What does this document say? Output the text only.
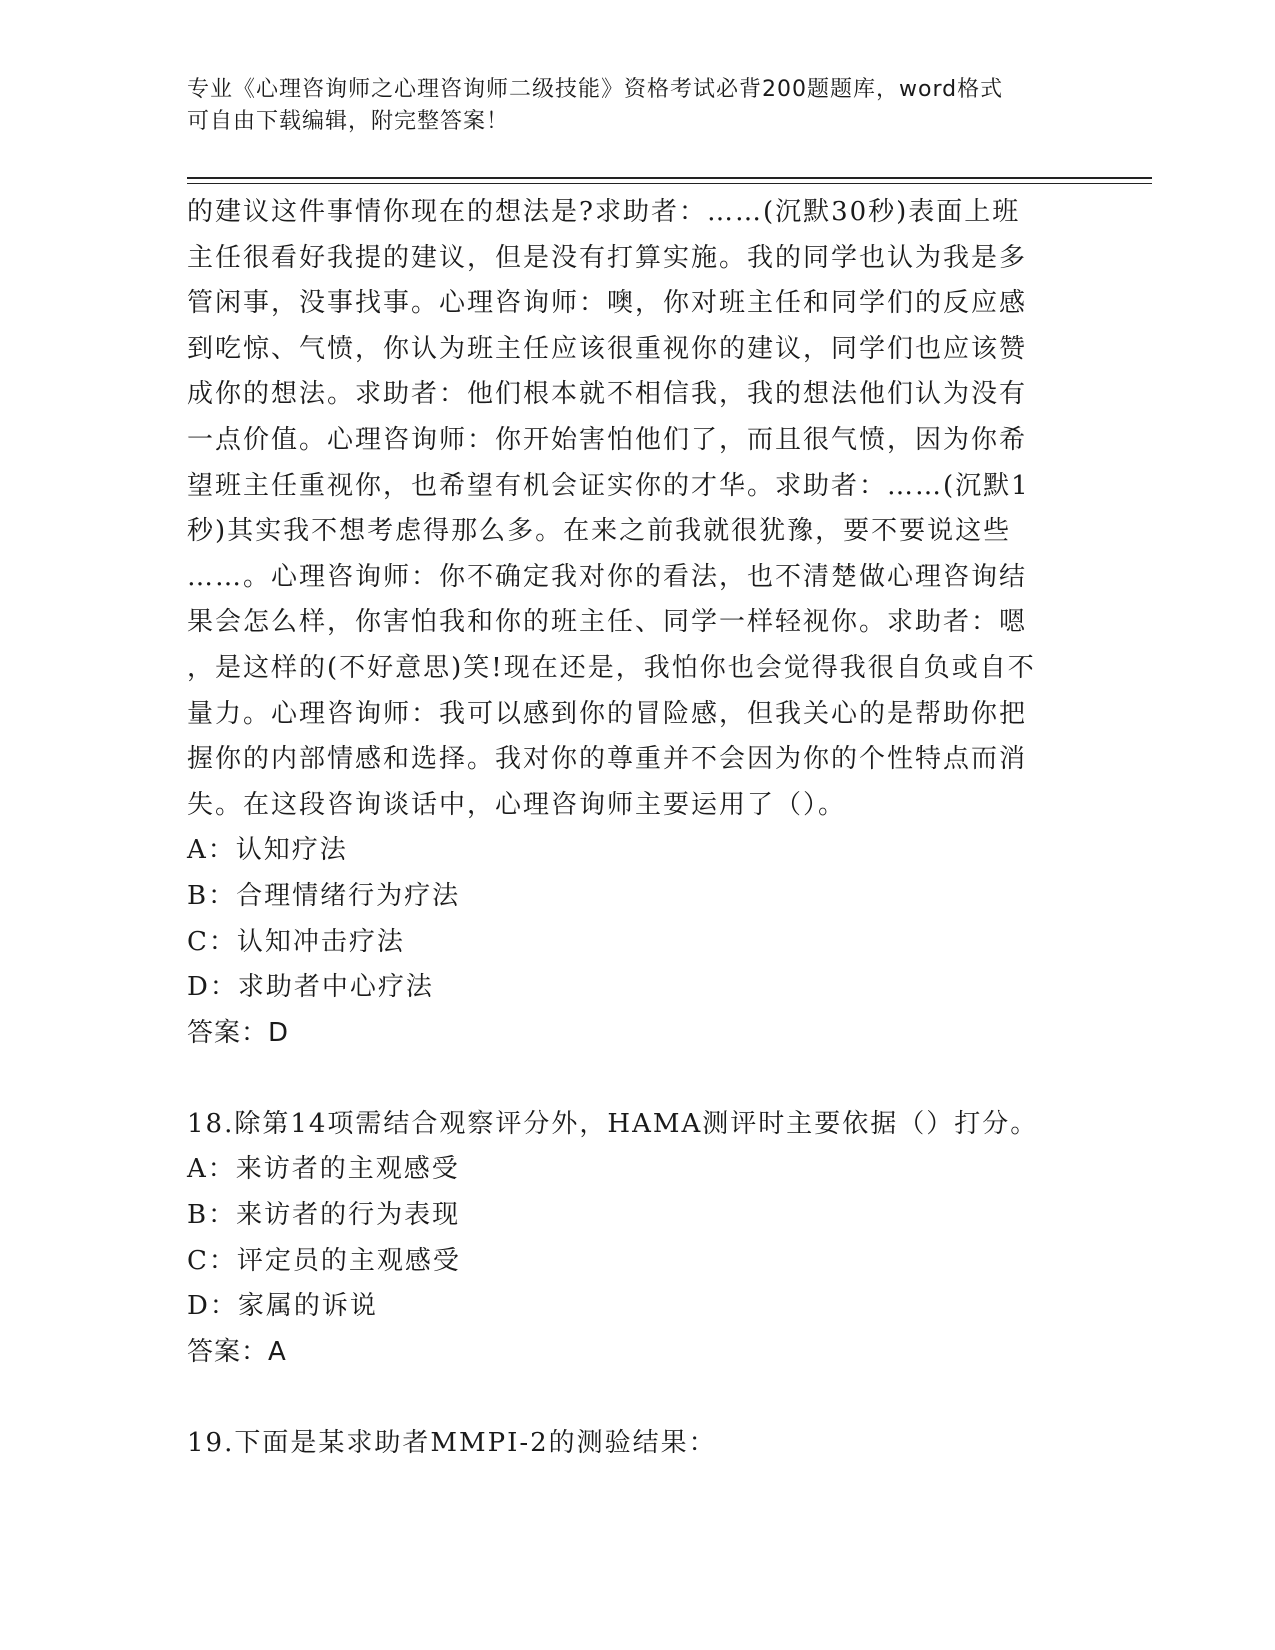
专业《心理咨询师之心理咨询师二级技能》资格考试必背200题题库，word格式
可自由下载编辑，附完整答案！
的建议这件事情你现在的想法是?求助者：……(沉默30秒)表面上班
主任很看好我提的建议，但是没有打算实施。我的同学也认为我是多
管闲事，没事找事。心理咨询师：噢，你对班主任和同学们的反应感
到吃惊、气愤，你认为班主任应该很重视你的建议，同学们也应该赞
成你的想法。求助者：他们根本就不相信我，我的想法他们认为没有
一点价值。心理咨询师：你开始害怕他们了，而且很气愤，因为你希
望班主任重视你，也希望有机会证实你的才华。求助者：……(沉默1
秒)其实我不想考虑得那么多。在来之前我就很犹豫，要不要说这些
……。心理咨询师：你不确定我对你的看法，也不清楚做心理咨询结
果会怎么样，你害怕我和你的班主任、同学一样轻视你。求助者：嗯
，是这样的(不好意思)笑!现在还是，我怕你也会觉得我很自负或自不
量力。心理咨询师：我可以感到你的冒险感，但我关心的是帮助你把
握你的内部情感和选择。我对你的尊重并不会因为你的个性特点而消
失。在这段咨询谈话中，心理咨询师主要运用了（）。
A：认知疗法
B：合理情绪行为疗法
C：认知冲击疗法
D：求助者中心疗法
答案：D
18.除第14项需结合观察评分外，HAMA测评时主要依据（）打分。
A：来访者的主观感受
B：来访者的行为表现
C：评定员的主观感受
D：家属的诉说
答案：A
19.下面是某求助者MMPI-2的测验结果：
